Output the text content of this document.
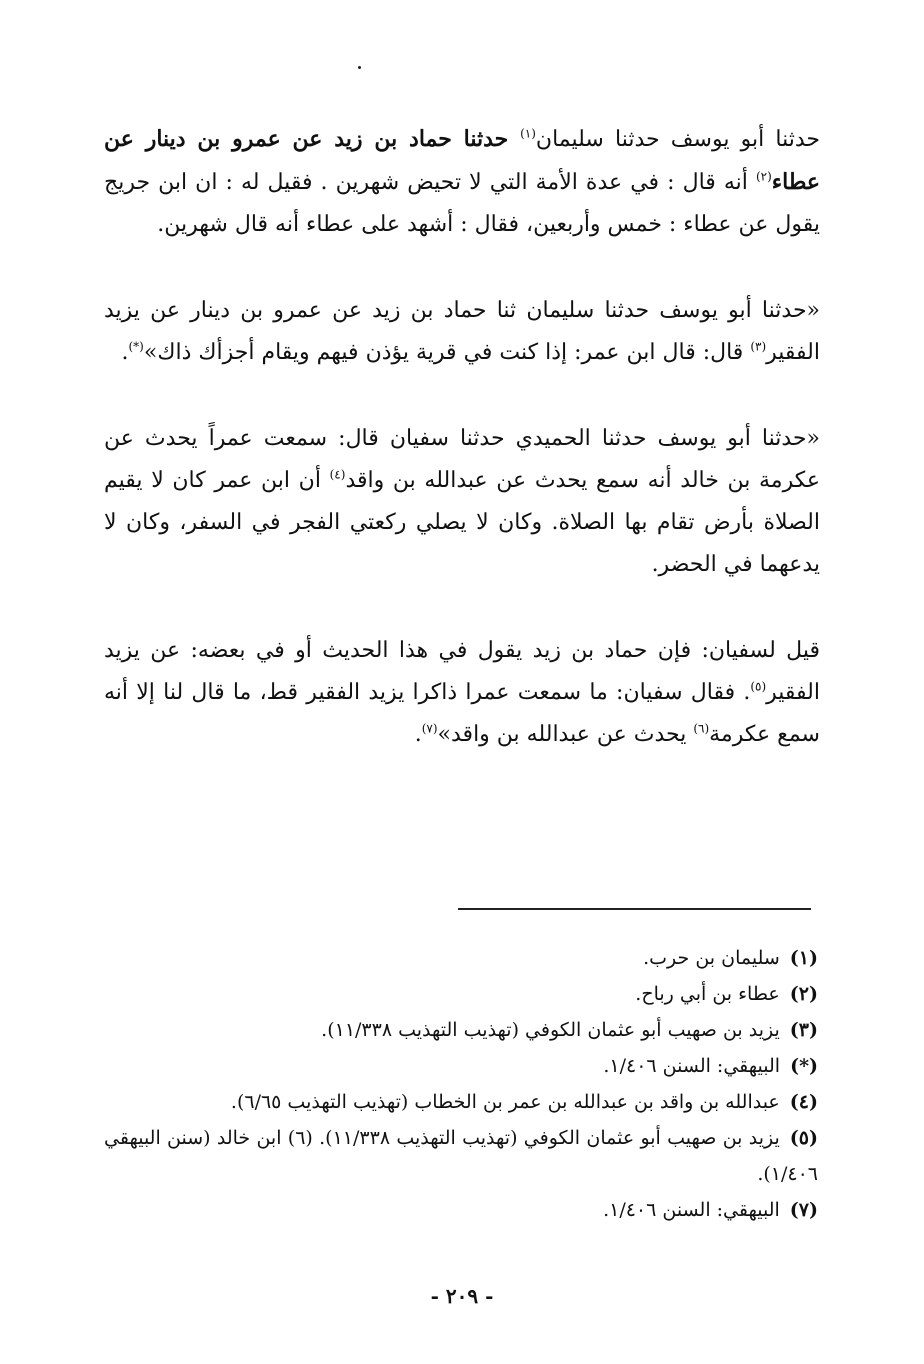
حدثنا أبو يوسف حدثنا سليمان$^{(١)}$ حدثنا حماد بن زيد عن عمرو بن دينار عن عطاء$^{(٢)}$ أنه قال : في عدة الأمة التي لا تحيض شهرين . فقيل له : ان ابن جريج يقول عن عطاء : خمس وأربعين، فقال : أشهد على عطاء أنه قال شهرين.

«حدثنا أبو يوسف حدثنا سليمان ثنا حماد بن زيد عن عمرو بن دينار عن يزيد الفقير$^{(٣)}$ قال: قال ابن عمر: إذا كنت في قرية يؤذن فيهم ويقام أجزأك ذاك»(*).

«حدثنا أبو يوسف حدثنا الحميدي حدثنا سفيان قال: سمعت عمراً يحدث عن عكرمة بن خالد أنه سمع يحدث عن عبدالله بن واقد$^{(٤)}$ أن ابن عمر كان لا يقيم الصلاة بأرض تقام بها الصلاة. وكان لا يصلي ركعتي الفجر في السفر، وكان لا يدعهما في الحضر.

قيل لسفيان: فإن حماد بن زيد يقول في هذا الحديث أو في بعضه: عن يزيد الفقير$^{(٥)}$. فقال سفيان: ما سمعت عمرا ذاكرا يزيد الفقير قط، ما قال لنا إلا أنه سمع عكرمة$^{(٦)}$ يحدث عن عبدالله بن واقد»$^{(٧)}$.

(١)سليمان بن حرب.
(٢)عطاء بن أبي رباح.
(٣)يزيد بن صهيب أبو عثمان الكوفي (تهذيب التهذيب ١١/٣٣٨).
(*)البيهقي: السنن ١/٤٠٦.
(٤)عبدالله بن واقد بن عبدالله بن عمر بن الخطاب (تهذيب التهذيب ٦/٦٥).
(٥)يزيد بن صهيب أبو عثمان الكوفي (تهذيب التهذيب ١١/٣٣٨). (٦) ابن خالد (سنن البيهقي ١/٤٠٦).
(٧)البيهقي: السنن ١/٤٠٦.
- ٢٠٩ -
